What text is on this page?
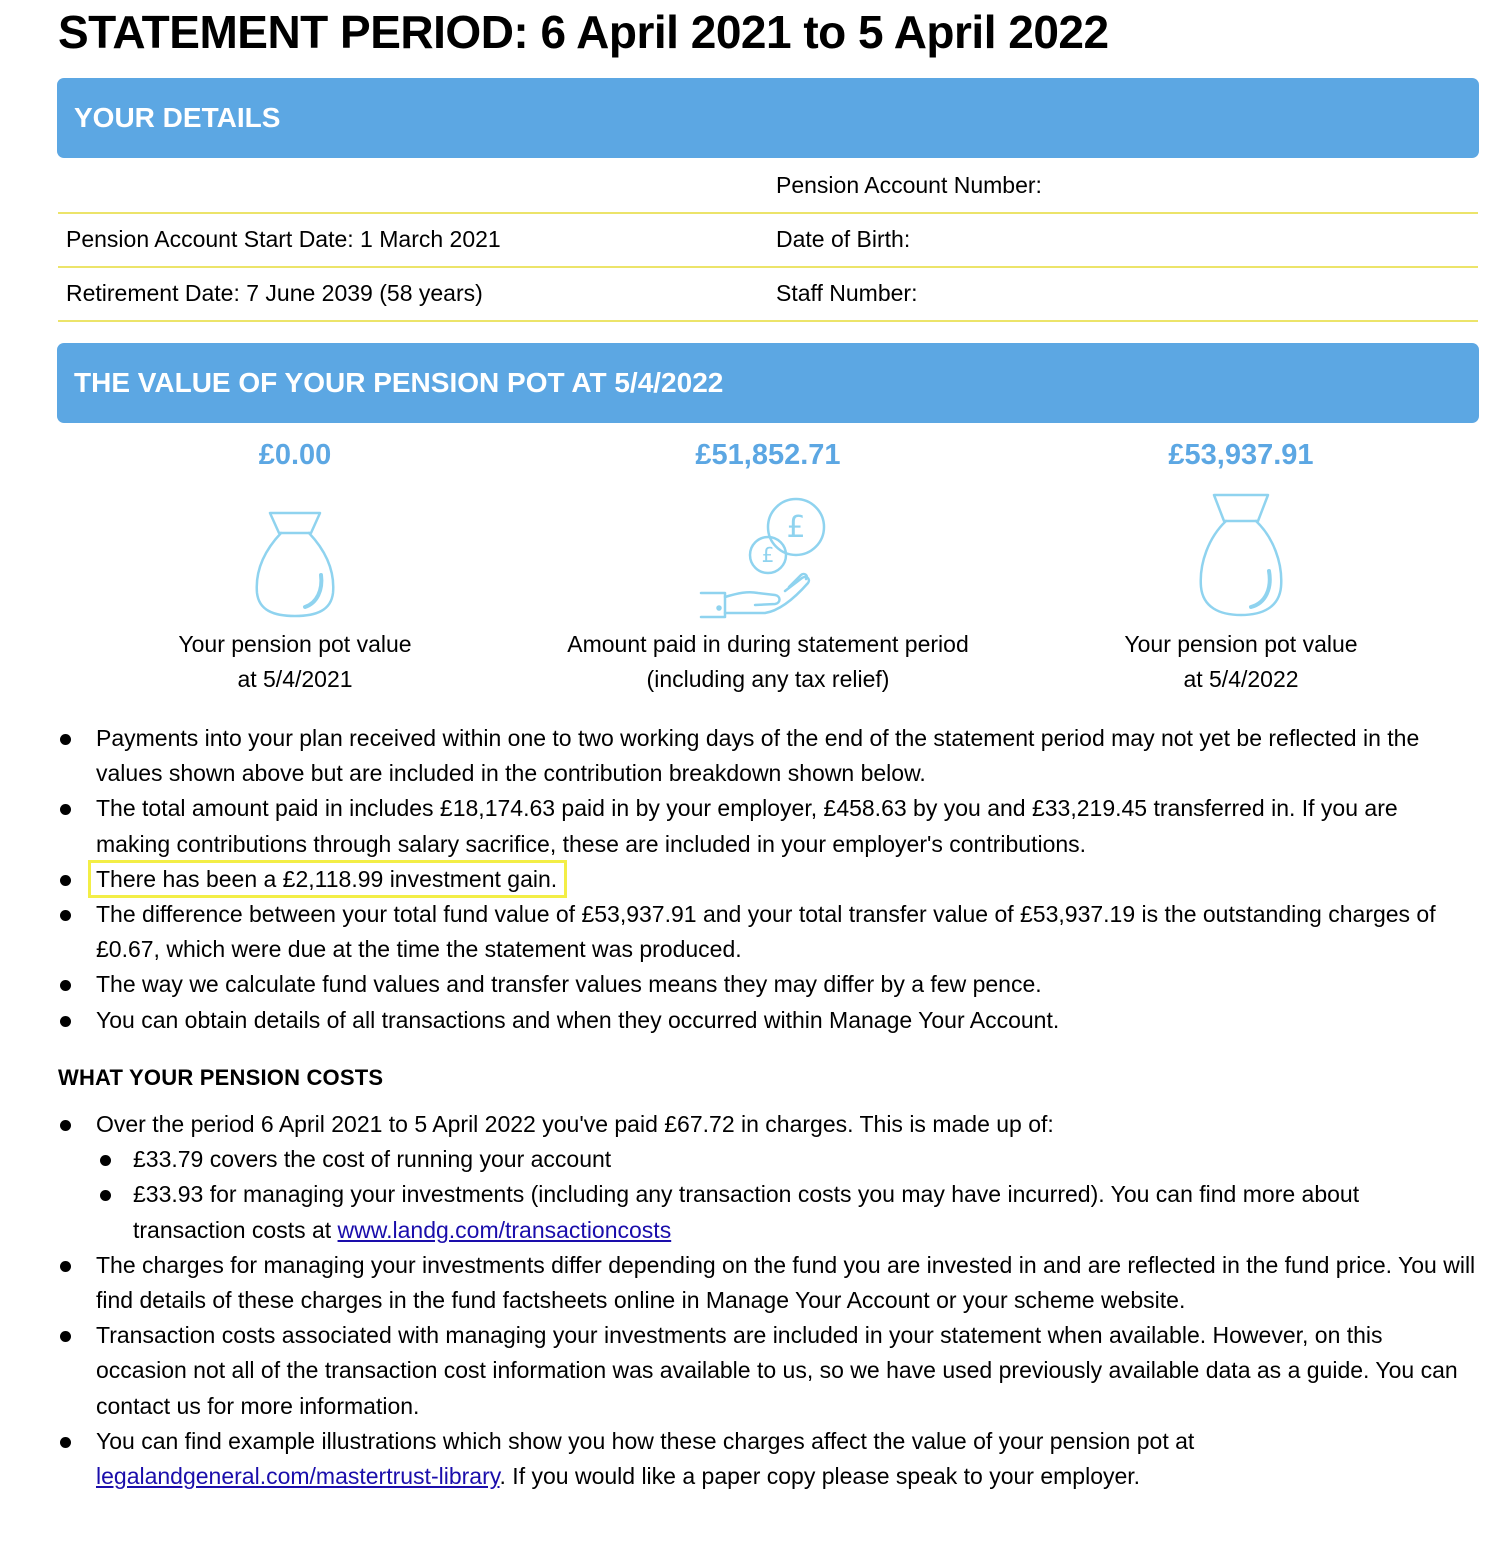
STATEMENT PERIOD: 6 April 2021 to 5 April 2022
YOUR DETAILS
Pension Account Number:
Pension Account Start Date: 1 March 2021	Date of Birth:
Retirement Date: 7 June 2039 (58 years)	Staff Number:
THE VALUE OF YOUR PENSION POT AT 5/4/2022
£0.00
Your pension pot value
at 5/4/2021
£51,852.71
£
£
Amount paid in during statement period
(including any tax relief)
£53,937.91
Your pension pot value
at 5/4/2022
Payments into your plan received within one to two working days of the end of the statement period may not yet be reflected in the values shown above but are included in the contribution breakdown shown below.
The total amount paid in includes £18,174.63 paid in by your employer, £458.63 by you and £33,219.45 transferred in. If you are making contributions through salary sacrifice, these are included in your employer's contributions.
There has been a £2,118.99 investment gain.
The difference between your total fund value of £53,937.91 and your total transfer value of £53,937.19 is the outstanding charges of £0.67, which were due at the time the statement was produced.
The way we calculate fund values and transfer values means they may differ by a few pence.
You can obtain details of all transactions and when they occurred within Manage Your Account.
WHAT YOUR PENSION COSTS
Over the period 6 April 2021 to 5 April 2022 you've paid £67.72 in charges. This is made up of:
£33.79 covers the cost of running your account
£33.93 for managing your investments (including any transaction costs you may have incurred). You can find more about transaction costs at www.landg.com/transactioncosts
The charges for managing your investments differ depending on the fund you are invested in and are reflected in the fund price. You will find details of these charges in the fund factsheets online in Manage Your Account or your scheme website.
Transaction costs associated with managing your investments are included in your statement when available. However, on this occasion not all of the transaction cost information was available to us, so we have used previously available data as a guide. You can contact us for more information.
You can find example illustrations which show you how these charges affect the value of your pension pot at legalandgeneral.com/mastertrust-library. If you would like a paper copy please speak to your employer.
